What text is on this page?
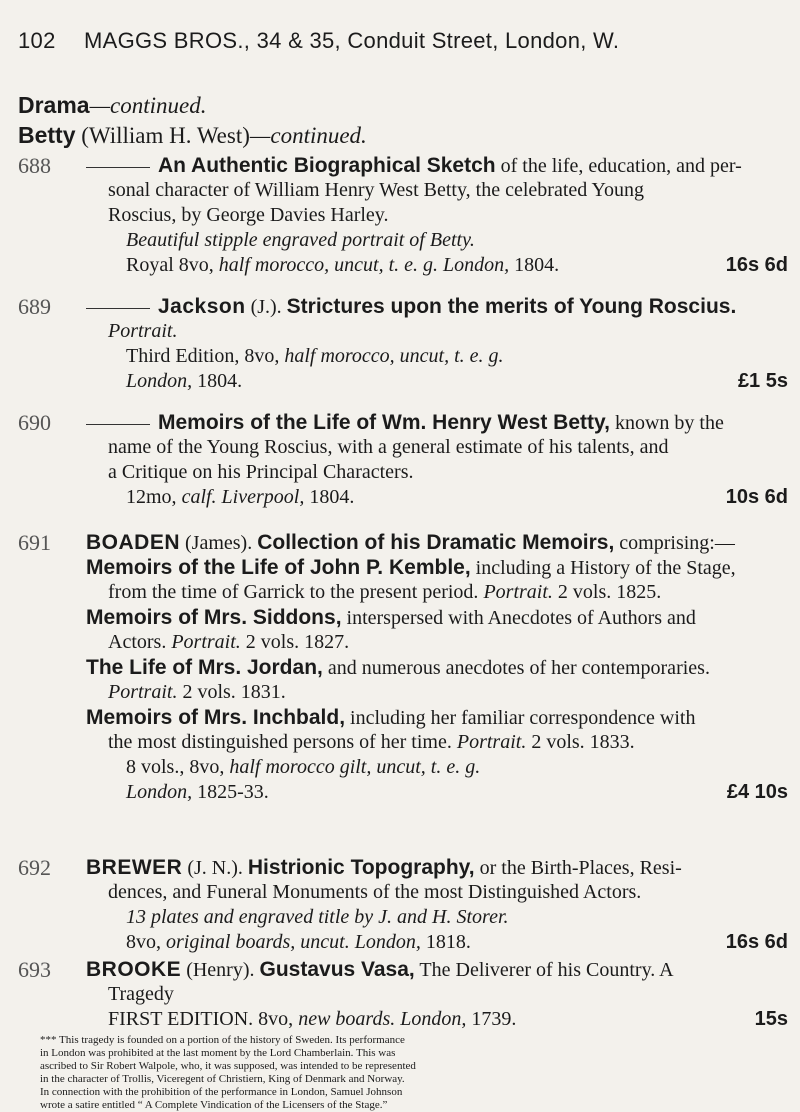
102 MAGGS BROS., 34 & 35, Conduit Street, London, W.
Drama—continued.
Betty (William H. West)—continued.
688	An Authentic Biographical Sketch of the life, education, and per-
sonal character of William Henry West Betty, the celebrated Young
Roscius, by George Davies Harley.
Beautiful stipple engraved portrait of Betty.
Royal 8vo, half morocco, uncut, t. e. g. London, 1804.	16s 6d
689	Jackson (J.). Strictures upon the merits of Young Roscius.
Portrait.
Third Edition, 8vo, half morocco, uncut, t. e. g.
London, 1804.	£1 5s
690	Memoirs of the Life of Wm. Henry West Betty, known by the
name of the Young Roscius, with a general estimate of his talents, and
a Critique on his Principal Characters.
12mo, calf. Liverpool, 1804.	10s 6d
691	BOADEN (James). Collection of his Dramatic Memoirs, comprising:—
Memoirs of the Life of John P. Kemble, including a History of the Stage,
from the time of Garrick to the present period. Portrait. 2 vols. 1825.
Memoirs of Mrs. Siddons, interspersed with Anecdotes of Authors and
Actors. Portrait. 2 vols. 1827.
The Life of Mrs. Jordan, and numerous anecdotes of her contemporaries.
Portrait. 2 vols. 1831.
Memoirs of Mrs. Inchbald, including her familiar correspondence with
the most distinguished persons of her time. Portrait. 2 vols. 1833.
8 vols., 8vo, half morocco gilt, uncut, t. e. g.
London, 1825-33.	£4 10s
692	BREWER (J. N.). Histrionic Topography, or the Birth-Places, Resi-
dences, and Funeral Monuments of the most Distinguished Actors.
13 plates and engraved title by J. and H. Storer.
8vo, original boards, uncut. London, 1818.	16s 6d
693	BROOKE (Henry). Gustavus Vasa, The Deliverer of his Country. A
Tragedy
FIRST EDITION. 8vo, new boards. London, 1739.	15s
*** This tragedy is founded on a portion of the history of Sweden. Its performance
in London was prohibited at the last moment by the Lord Chamberlain. This was
ascribed to Sir Robert Walpole, who, it was supposed, was intended to be represented
in the character of Trollis, Viceregent of Christiern, King of Denmark and Norway.
In connection with the prohibition of the performance in London, Samuel Johnson
wrote a satire entitled “ A Complete Vindication of the Licensers of the Stage.”
